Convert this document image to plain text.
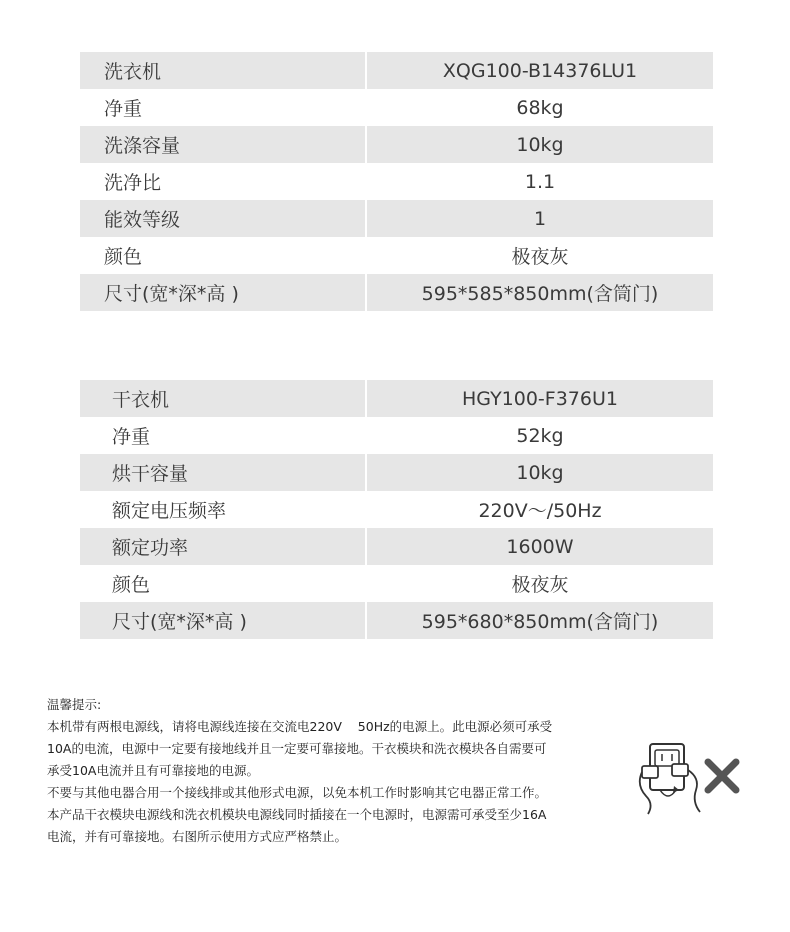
洗衣机	XQG100-B14376LU1
净重	68kg
洗涤容量	10kg
洗净比	1.1
能效等级	1
颜色	极夜灰
尺寸(宽*深*高 )	595*585*850mm(含筒门)
干衣机	HGY100-F376U1
净重	52kg
烘干容量	10kg
额定电压频率	220V～/50Hz
额定功率	1600W
颜色	极夜灰
尺寸(宽*深*高 )	595*680*850mm(含筒门)

温馨提示:

本机带有两根电源线，请将电源线连接在交流电220V    50Hz的电源上。此电源必须可承受

10A的电流，电源中一定要有接地线并且一定要可靠接地。干衣模块和洗衣模块各自需要可

承受10A电流并且有可靠接地的电源。

不要与其他电器合用一个接线排或其他形式电源，以免本机工作时影响其它电器正常工作。

本产品干衣模块电源线和洗衣机模块电源线同时插接在一个电源时，电源需可承受至少16A

电流，并有可靠接地。右图所示使用方式应严格禁止。
